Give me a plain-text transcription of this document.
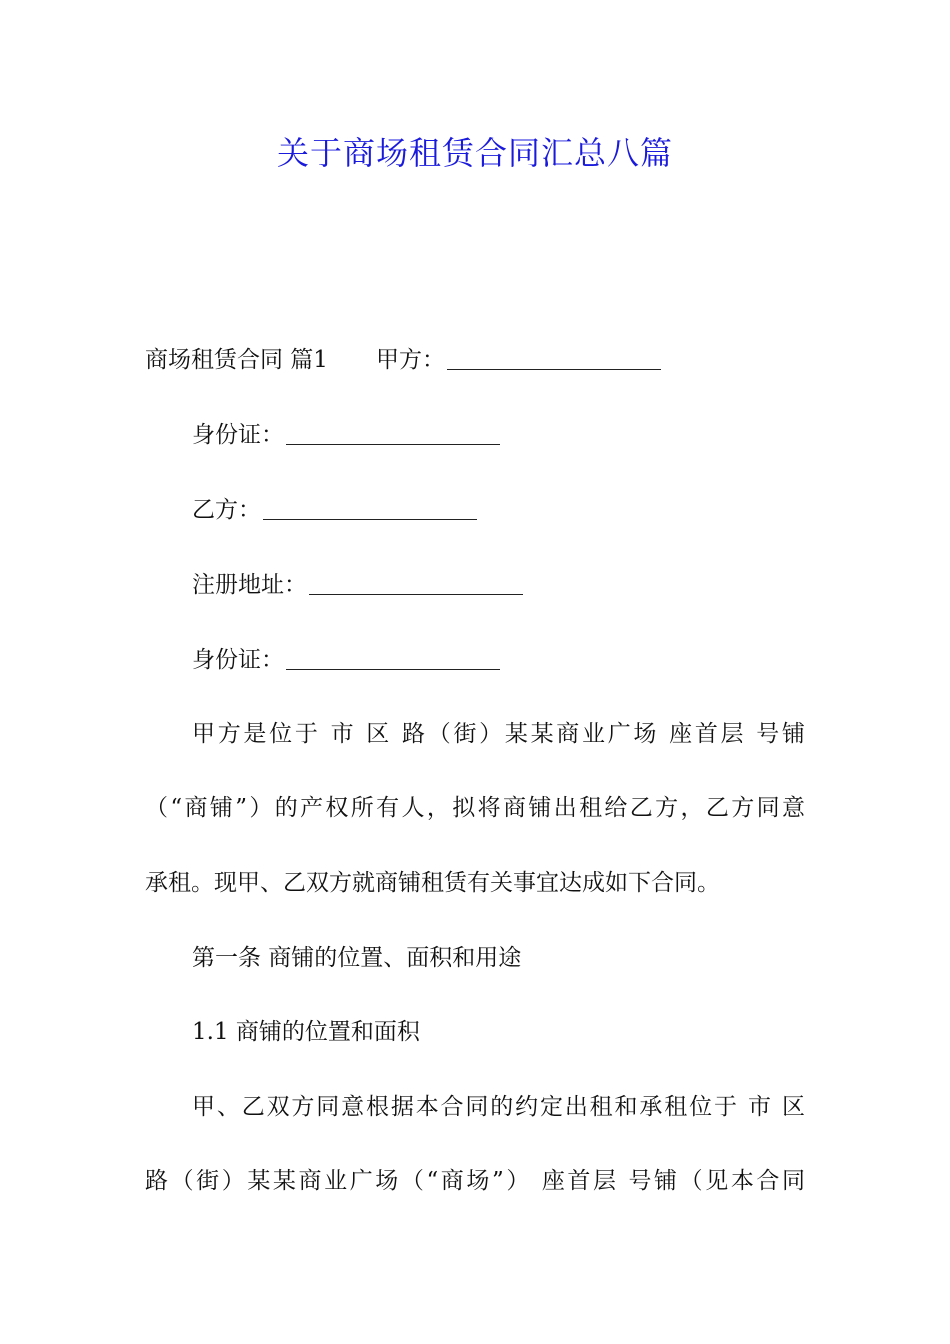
关于商场租赁合同汇总八篇
商场租赁合同 篇1 甲方：
身份证：
乙方：
注册地址：
身份证：
甲方是位于 市 区 路（街）某某商业广场 座首层 号铺
（“商铺”）的产权所有人，拟将商铺出租给乙方，乙方同意
承租。现甲、乙双方就商铺租赁有关事宜达成如下合同。
第一条 商铺的位置、面积和用途
1.1 商铺的位置和面积
甲、乙双方同意根据本合同的约定出租和承租位于 市 区
路（街）某某商业广场（“商场”） 座首层 号铺（见本合同
